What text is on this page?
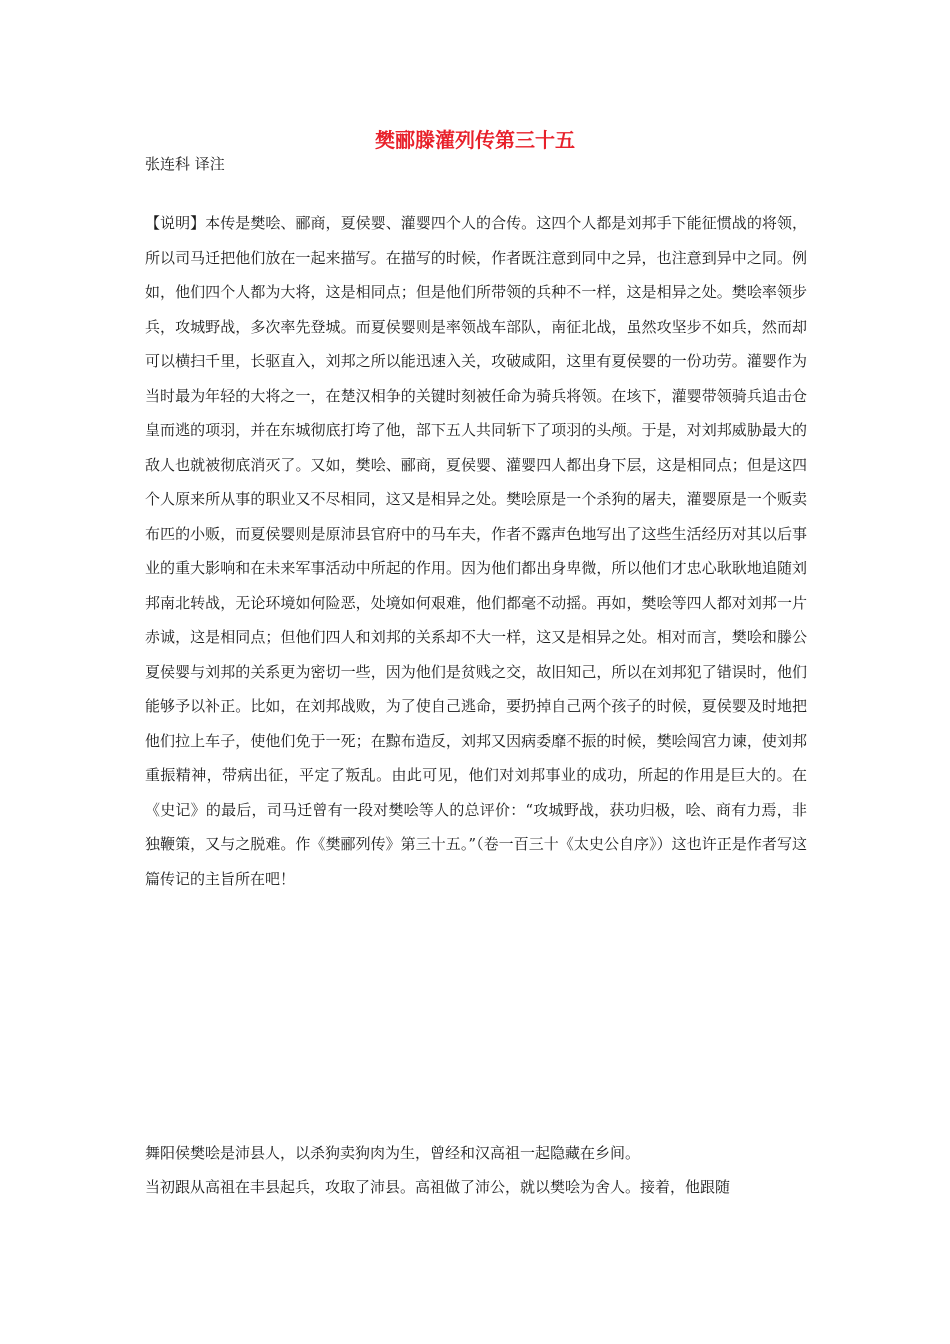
樊郦滕灌列传第三十五
张连科 译注

【说明】本传是樊哙、郦商，夏侯婴、灌婴四个人的合传。这四个人都是刘邦手下能征惯战的将领，所以司马迁把他们放在一起来描写。在描写的时候，作者既注意到同中之异，也注意到异中之同。例如，他们四个人都为大将，这是相同点；但是他们所带领的兵种不一样，这是相异之处。樊哙率领步兵，攻城野战，多次率先登城。而夏侯婴则是率领战车部队，南征北战，虽然攻坚步不如兵，然而却可以横扫千里，长驱直入，刘邦之所以能迅速入关，攻破咸阳，这里有夏侯婴的一份功劳。灌婴作为当时最为年轻的大将之一，在楚汉相争的关键时刻被任命为骑兵将领。在垓下，灌婴带领骑兵追击仓皇而逃的项羽，并在东城彻底打垮了他，部下五人共同斩下了项羽的头颅。于是，对刘邦威胁最大的敌人也就被彻底消灭了。又如，樊哙、郦商，夏侯婴、灌婴四人都出身下层，这是相同点；但是这四个人原来所从事的职业又不尽相同，这又是相异之处。樊哙原是一个杀狗的屠夫，灌婴原是一个贩卖布匹的小贩，而夏侯婴则是原沛县官府中的马车夫，作者不露声色地写出了这些生活经历对其以后事业的重大影响和在未来军事活动中所起的作用。因为他们都出身卑微，所以他们才忠心耿耿地追随刘邦南北转战，无论环境如何险恶，处境如何艰难，他们都毫不动摇。再如，樊哙等四人都对刘邦一片赤诚，这是相同点；但他们四人和刘邦的关系却不大一样，这又是相异之处。相对而言，樊哙和滕公夏侯婴与刘邦的关系更为密切一些，因为他们是贫贱之交，故旧知己，所以在刘邦犯了错误时，他们能够予以补正。比如，在刘邦战败，为了使自己逃命，要扔掉自己两个孩子的时候，夏侯婴及时地把他们拉上车子，使他们免于一死；在黥布造反，刘邦又因病委靡不振的时候，樊哙闯宫力谏，使刘邦重振精神，带病出征，平定了叛乱。由此可见，他们对刘邦事业的成功，所起的作用是巨大的。在《史记》的最后，司马迁曾有一段对樊哙等人的总评价：“攻城野战，获功归极，哙、商有力焉，非独鞭策，又与之脱难。作《樊郦列传》第三十五。”（卷一百三十《太史公自序》）这也许正是作者写这篇传记的主旨所在吧！

舞阳侯樊哙是沛县人，以杀狗卖狗肉为生，曾经和汉高祖一起隐藏在乡间。

当初跟从高祖在丰县起兵，攻取了沛县。高祖做了沛公，就以樊哙为舍人。接着，他跟随
